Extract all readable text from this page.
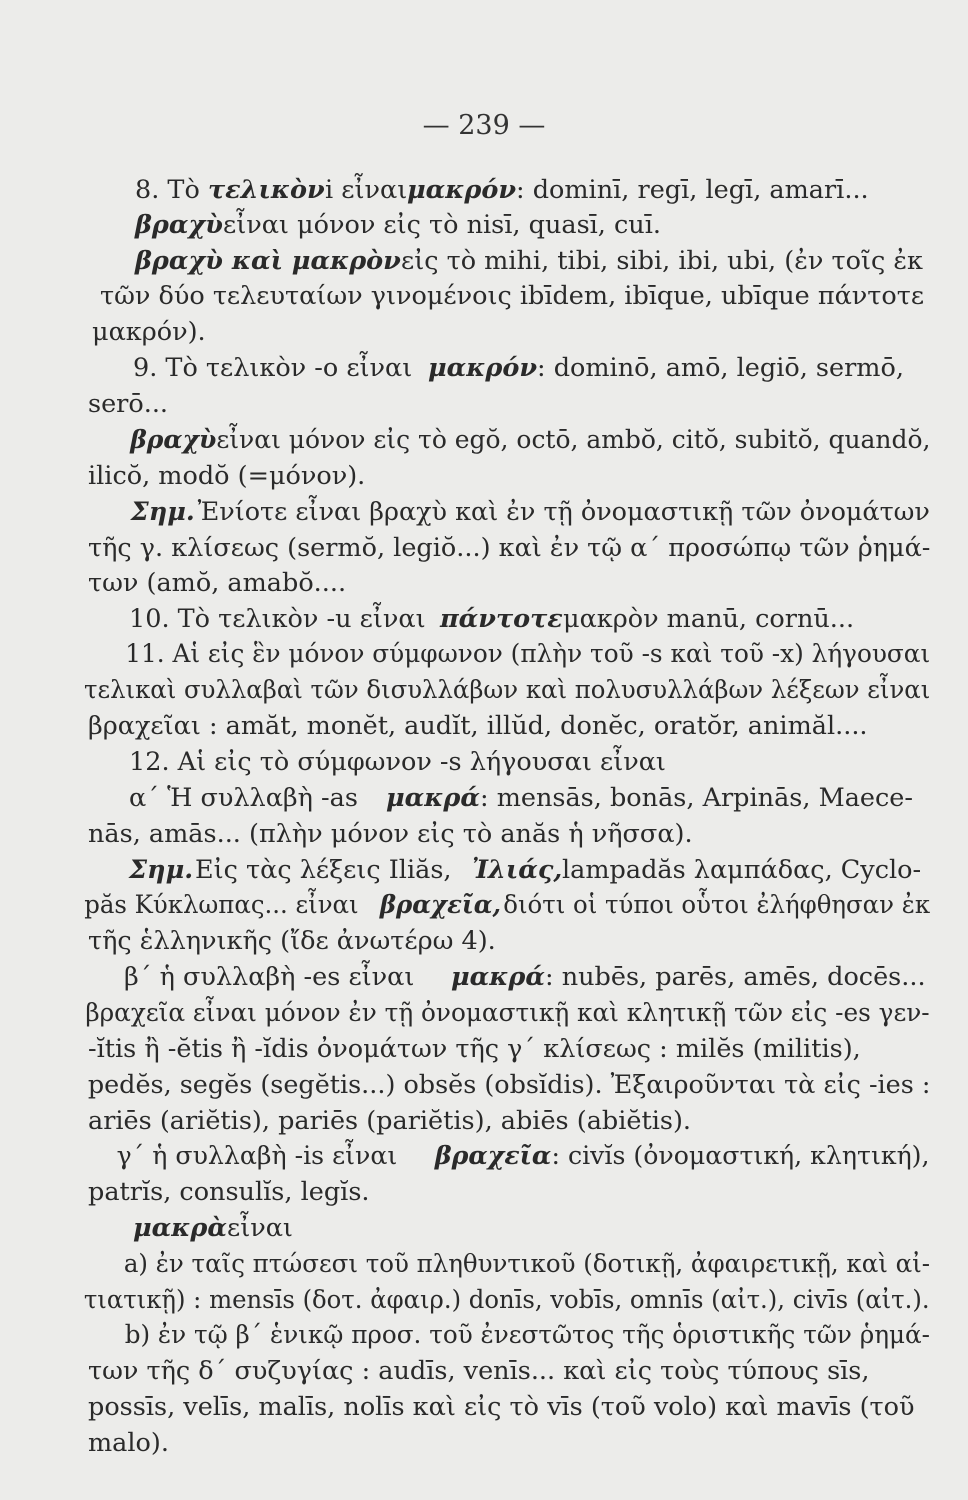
— 239 —
8. Τὸ τελικὸν i εἶναι μακρόν : dominī, regī, legī, amarī...
βραχὺ εἶναι μόνον εἰς τὸ nisī, quasī, cuī.
βραχὺ καὶ μακρὸν εἰς τὸ mihi, tibi, sibi, ibi, ubi, (ἐν τοῖς ἐκ
τῶν δύο τελευταίων γινομένοις ibīdem, ibīque, ubīque πάντοτε
μακρόν).
9. Τὸ τελικὸν -o εἶναι μακρόν : dominō, amō, legiō, sermō,
serō...
βραχὺ εἶναι μόνον εἰς τὸ egŏ, octō, ambŏ, citŏ, subitŏ, quandŏ,
ilicŏ, modŏ (=μόνον).
Σημ. Ἐνίοτε εἶναι βραχὺ καὶ ἐν τῇ ὀνομαστικῇ τῶν ὀνομάτων
τῆς γ. κλίσεως (sermŏ, legiŏ...) καὶ ἐν τῷ α΄ προσώπῳ τῶν ῥημά-
των (amŏ, amabŏ....
10. Τὸ τελικὸν -u εἶναι πάντοτε μακρὸν manū, cornū...
11. Αἱ εἰς ἓν μόνον σύμφωνον (πλὴν τοῦ -s καὶ τοῦ -x) λήγουσαι
τελικαὶ συλλαβαὶ τῶν δισυλλάβων καὶ πολυσυλλάβων λέξεων εἶναι
βραχεῖαι : amăt, monĕt, audĭt, illŭd, donĕc, oratŏr, animăl....
12. Αἱ εἰς τὸ σύμφωνον -s λήγουσαι εἶναι
α΄ Ἡ συλλαβὴ -as μακρά : mensās, bonās, Arpinās, Maece-
nās, amās... (πλὴν μόνον εἰς τὸ anăs ἡ νῆσσα).
Σημ. Εἰς τὰς λέξεις Iliăs, Ἰλιάς, lampadăs λαμπάδας, Cyclo-
păs Κύκλωπας... εἶναι βραχεῖα, διότι οἱ τύποι οὗτοι ἐλήφθησαν ἐκ
τῆς ἑλληνικῆς (ἴδε ἀνωτέρω 4).
β΄ ἡ συλλαβὴ -es εἶναι μακρά : nubēs, parēs, amēs, docēs...
βραχεῖα εἶναι μόνον ἐν τῇ ὀνομαστικῇ καὶ κλητικῇ τῶν εἰς -es γεν-
-ĭtis ἢ -ĕtis ἢ -ĭdis ὀνομάτων τῆς γ΄ κλίσεως : milĕs (militis),
pedĕs, segĕs (segĕtis...) obsĕs (obsĭdis). Ἐξαιροῦνται τὰ εἰς -ies :
ariēs (ariĕtis), pariēs (pariĕtis), abiēs (abiĕtis).
γ΄ ἡ συλλαβὴ -is εἶναι βραχεῖα : civĭs (ὀνομαστική, κλητική),
patrĭs, consulĭs, legĭs.
μακρὰ εἶναι
a) ἐν ταῖς πτώσεσι τοῦ πληθυντικοῦ (δοτικῇ, ἀφαιρετικῇ, καὶ αἰ-
τιατικῇ) : mensīs (δοτ. ἀφαιρ.) donīs, vobīs, omnīs (αἰτ.), civīs (αἰτ.).
b) ἐν τῷ β΄ ἑνικῷ προσ. τοῦ ἐνεστῶτος τῆς ὁριστικῆς τῶν ῥημά-
των τῆς δ΄ συζυγίας : audīs, venīs... καὶ εἰς τοὺς τύπους sīs,
possīs, velīs, malīs, nolīs καὶ εἰς τὸ vīs (τοῦ volo) καὶ mavīs (τοῦ
malo).
